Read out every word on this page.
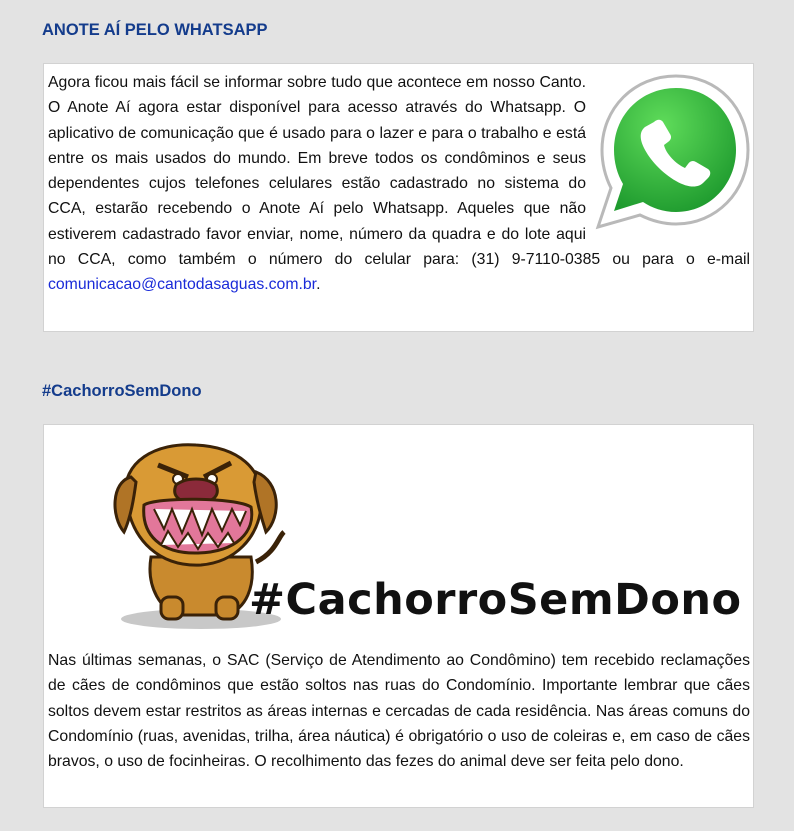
ANOTE AÍ PELO WHATSAPP

Agora ficou mais fácil se informar sobre tudo que acontece em nosso Canto. O Anote Aí agora estar disponível para acesso através do Whatsapp. O aplicativo de comunicação que é usado para o lazer e para o trabalho e está entre os mais usados do mundo. Em breve todos os condôminos e seus dependentes cujos telefones celulares estão cadastrado no sistema do CCA, estarão recebendo o Anote Aí pelo Whatsapp. Aqueles que não estiverem cadastrado favor enviar, nome, número da quadra e do lote aqui no CCA, como também o número do celular para: (31) 9-7110-0385 ou para o e-mail comunicacao@cantodasaguas.com.br.

#CachorroSemDono
#CachorroSemDono

Nas últimas semanas, o SAC (Serviço de Atendimento ao Condômino) tem recebido reclamações de cães de condôminos que estão soltos nas ruas do Condomínio. Importante lembrar que cães soltos devem estar restritos as áreas internas e cercadas de cada residência. Nas áreas comuns do Condomínio (ruas, avenidas, trilha, área náutica) é obrigatório o uso de coleiras e, em caso de cães bravos, o uso de focinheiras. O recolhimento das fezes do animal deve ser feita pelo dono.
